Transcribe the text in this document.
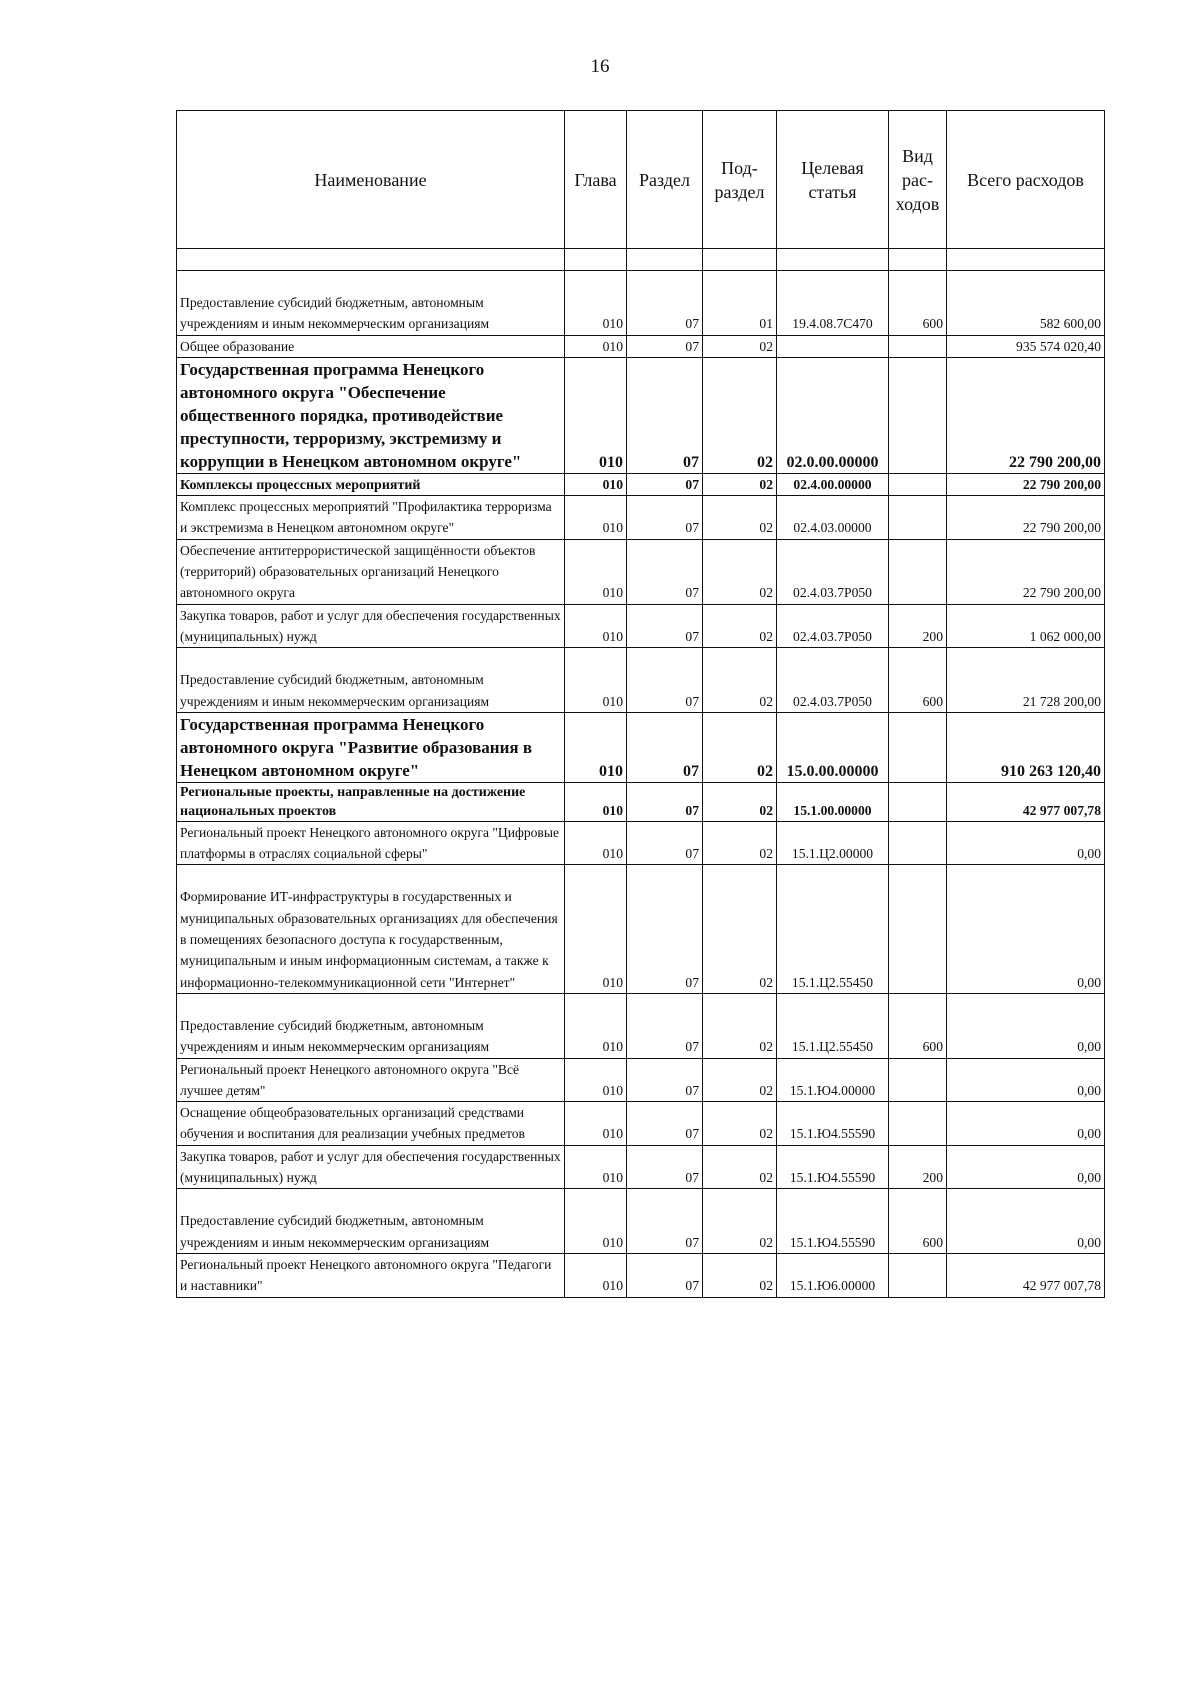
16
Наименование	Глава	Раздел	Под-раздел	Целевая статья	Вид рас-ходов	Всего расходов

Предоставление субсидий бюджетным, автономным учреждениям и иным некоммерческим организациям	010	07	01	19.4.08.7С470	600	582 600,00
Общее образование	010	07	02			935 574 020,40
Государственная программа Ненецкого автономного округа "Обеспечение общественного порядка, противодействие преступности, терроризму, экстремизму и коррупции в Ненецком автономном округе"	010	07	02	02.0.00.00000		22 790 200,00
Комплексы процессных мероприятий	010	07	02	02.4.00.00000		22 790 200,00
Комплекс процессных мероприятий "Профилактика терроризма и экстремизма в Ненецком автономном округе"	010	07	02	02.4.03.00000		22 790 200,00
Обеспечение антитеррористической защищённости объектов (территорий) образовательных организаций Ненецкого автономного округа	010	07	02	02.4.03.7Р050		22 790 200,00
Закупка товаров, работ и услуг для обеспечения государственных (муниципальных) нужд	010	07	02	02.4.03.7Р050	200	1 062 000,00
Предоставление субсидий бюджетным, автономным учреждениям и иным некоммерческим организациям	010	07	02	02.4.03.7Р050	600	21 728 200,00
Государственная программа Ненецкого автономного округа "Развитие образования в Ненецком автономном округе"	010	07	02	15.0.00.00000		910 263 120,40
Региональные проекты, направленные на достижение национальных проектов	010	07	02	15.1.00.00000		42 977 007,78
Региональный проект Ненецкого автономного округа "Цифровые платформы в отраслях социальной сферы"	010	07	02	15.1.Ц2.00000		0,00
Формирование ИТ-инфраструктуры в государственных и муниципальных образовательных организациях для обеспечения в помещениях безопасного доступа к государственным, муниципальным и иным информационным системам, а также к информационно-телекоммуникационной сети "Интернет"	010	07	02	15.1.Ц2.55450		0,00
Предоставление субсидий бюджетным, автономным учреждениям и иным некоммерческим организациям	010	07	02	15.1.Ц2.55450	600	0,00
Региональный проект Ненецкого автономного округа "Всё лучшее детям"	010	07	02	15.1.Ю4.00000		0,00
Оснащение общеобразовательных организаций средствами обучения и воспитания для реализации учебных предметов	010	07	02	15.1.Ю4.55590		0,00
Закупка товаров, работ и услуг для обеспечения государственных (муниципальных) нужд	010	07	02	15.1.Ю4.55590	200	0,00
Предоставление субсидий бюджетным, автономным учреждениям и иным некоммерческим организациям	010	07	02	15.1.Ю4.55590	600	0,00
Региональный проект Ненецкого автономного округа "Педагоги и наставники"	010	07	02	15.1.Ю6.00000		42 977 007,78
